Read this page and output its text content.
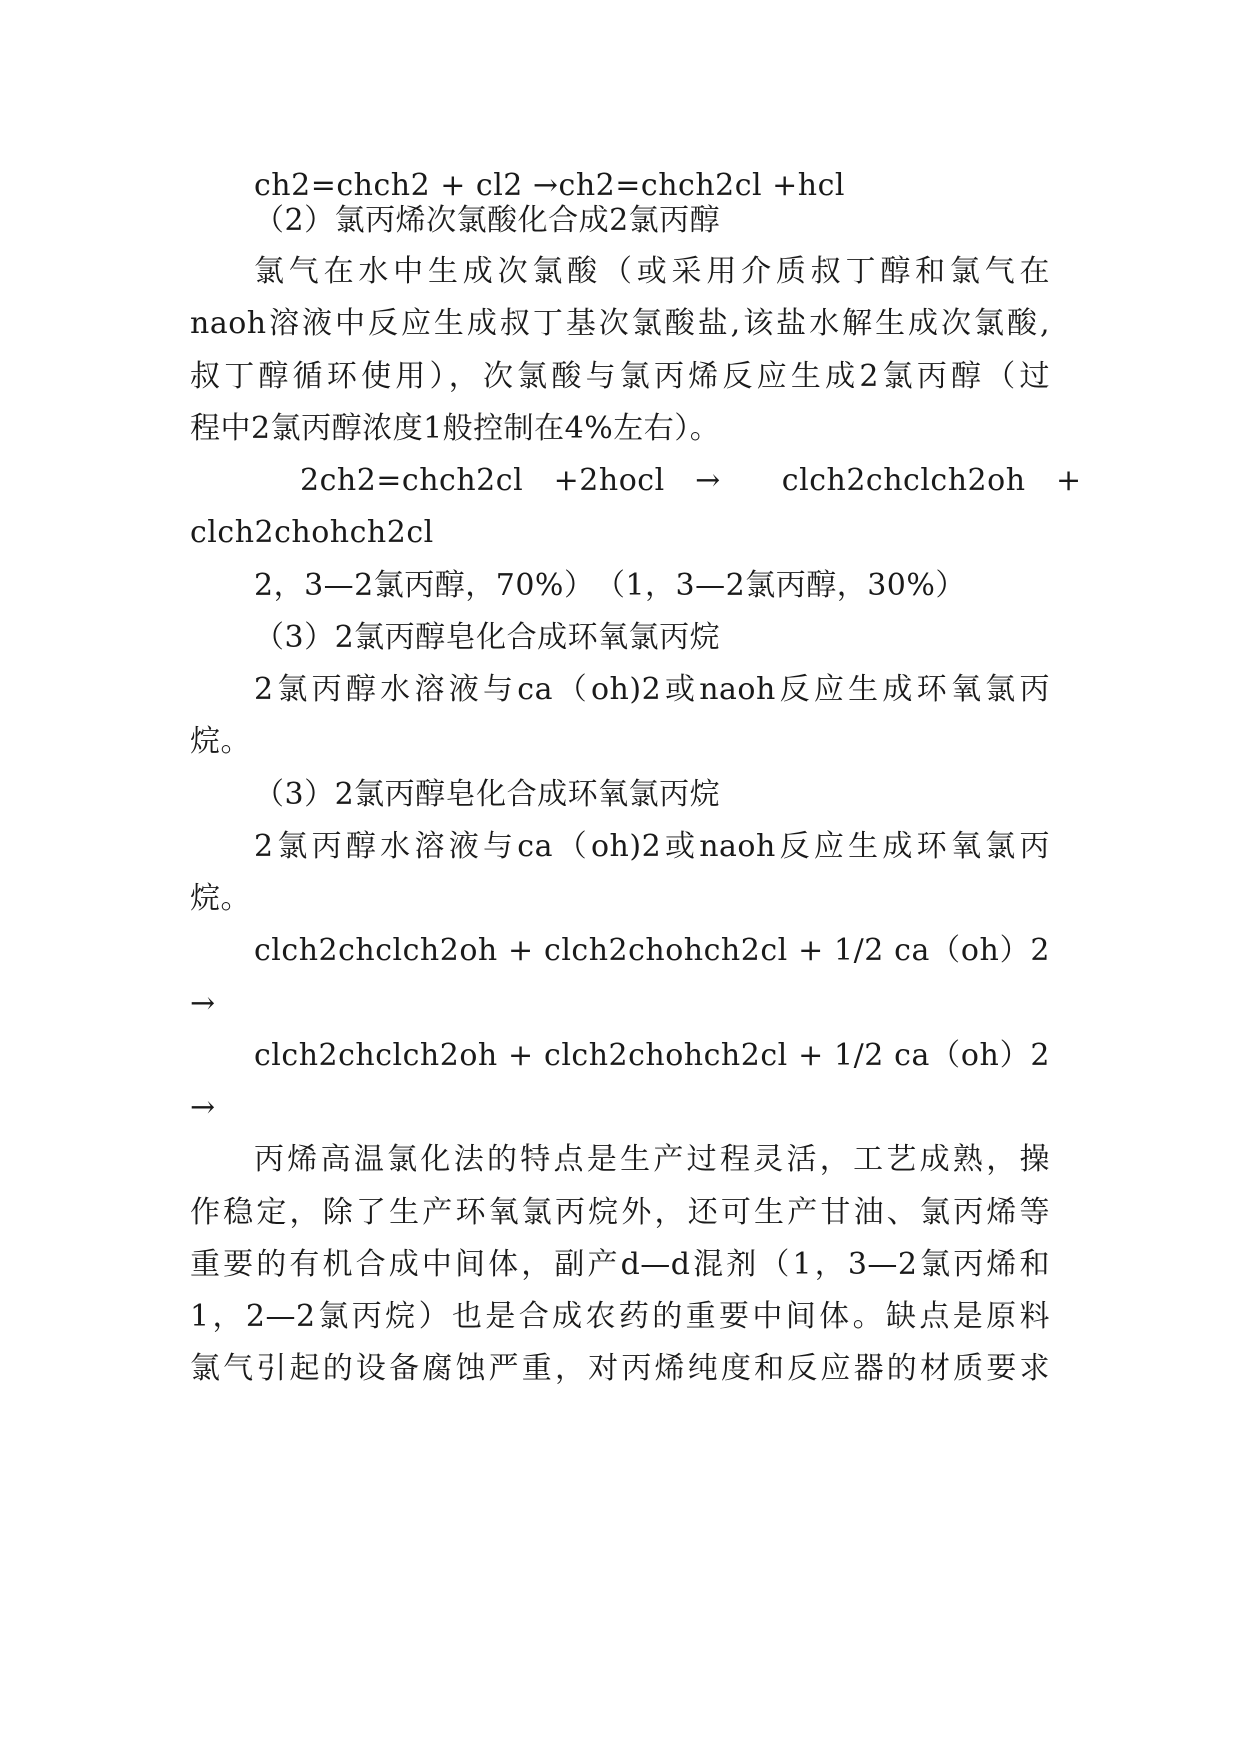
ch2=chch2 + cl2 →ch2=chch2cl +hcl
（2）氯丙烯次氯酸化合成2氯丙醇
氯气在水中生成次氯酸（或采用介质叔丁醇和氯气在
naoh溶液中反应生成叔丁基次氯酸盐,该盐水解生成次氯酸,
叔丁醇循环使用），次氯酸与氯丙烯反应生成2氯丙醇（过
程中2氯丙醇浓度1般控制在4%左右）。
2ch2=chch2cl　+2hocl　→　　clch2chclch2oh　+
clch2chohch2cl
2，3—2氯丙醇，70%）　（1，3—2氯丙醇，30%）
（3）2氯丙醇皂化合成环氧氯丙烷
2氯丙醇水溶液与ca（oh)2或naoh反应生成环氧氯丙
烷。
（3）2氯丙醇皂化合成环氧氯丙烷
2氯丙醇水溶液与ca（oh)2或naoh反应生成环氧氯丙
烷。
clch2chclch2oh + clch2chohch2cl + 1/2 ca（oh）2
→
clch2chclch2oh + clch2chohch2cl + 1/2 ca（oh）2
→
丙烯高温氯化法的特点是生产过程灵活，工艺成熟，操
作稳定，除了生产环氧氯丙烷外，还可生产甘油、氯丙烯等
重要的有机合成中间体，副产d—d混剂（1，3—2氯丙烯和
1，2—2氯丙烷）也是合成农药的重要中间体。缺点是原料
氯气引起的设备腐蚀严重，对丙烯纯度和反应器的材质要求
